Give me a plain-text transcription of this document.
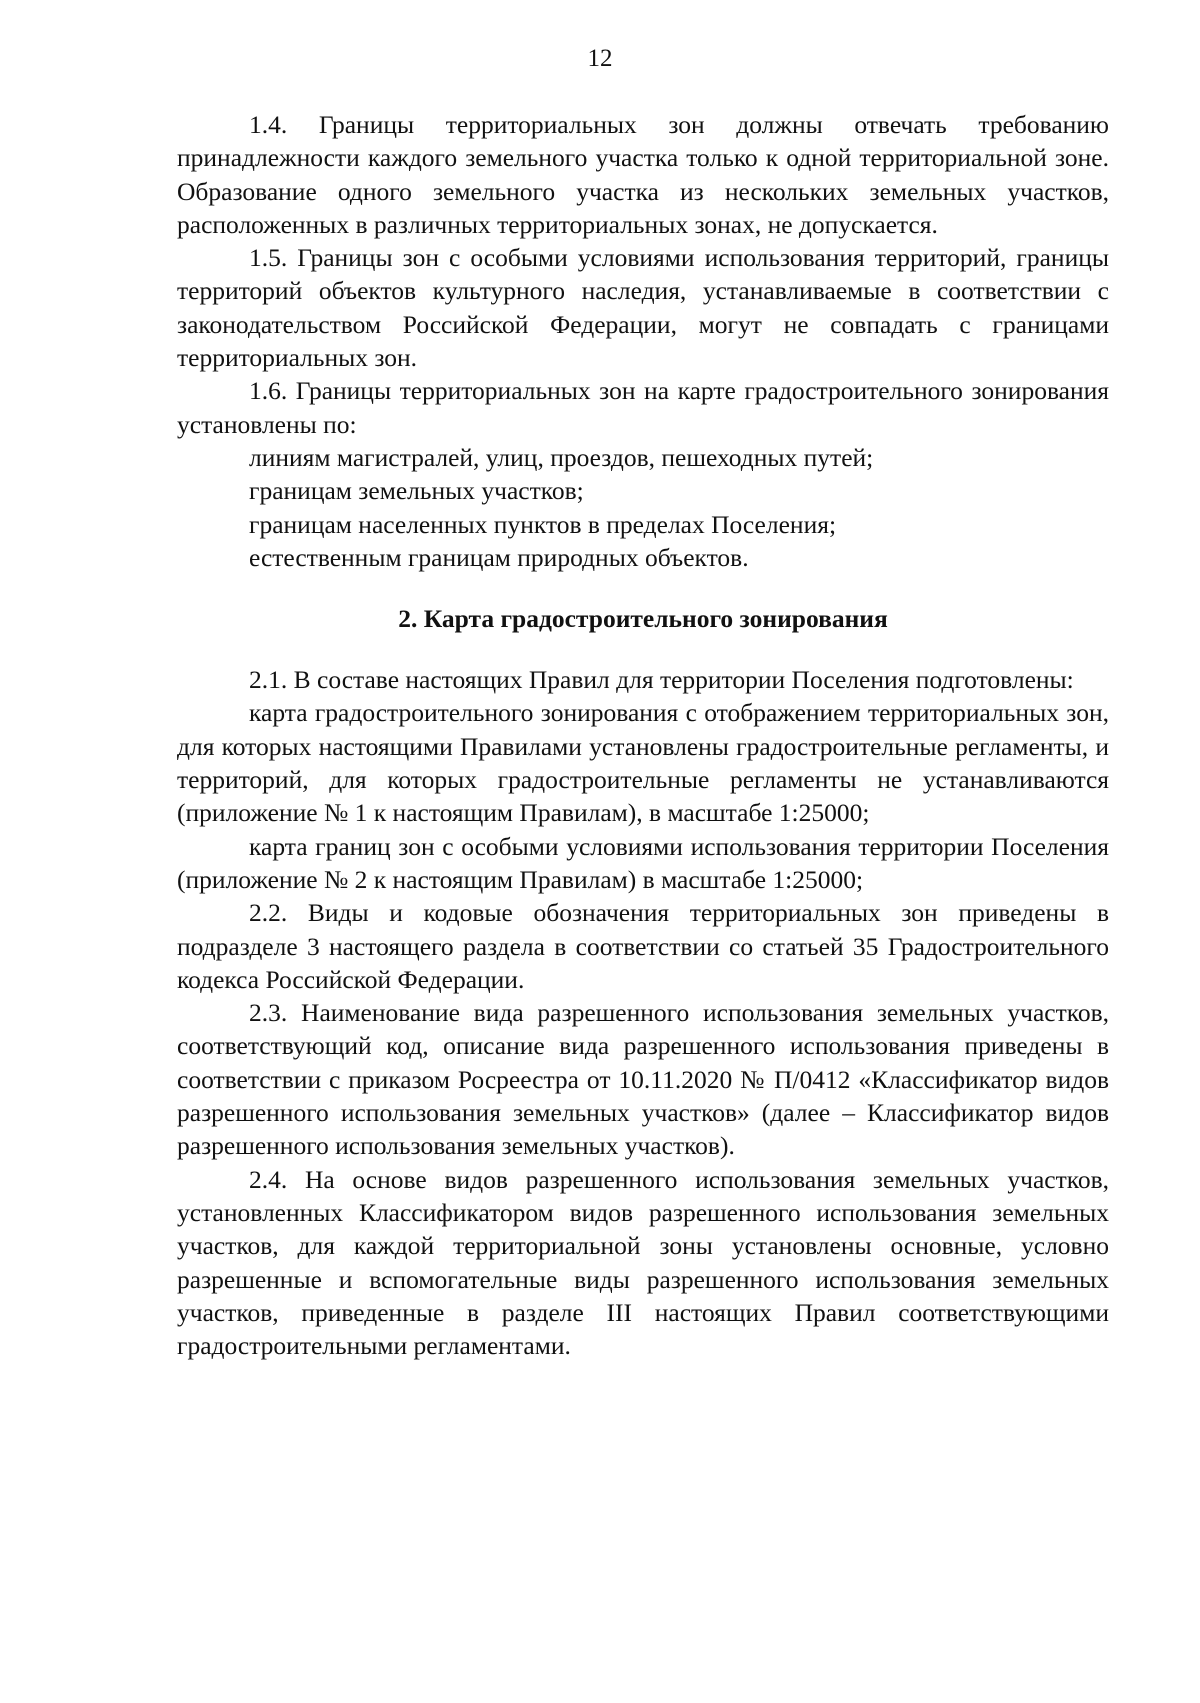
12

1.4. Границы территориальных зон должны отвечать требованию принадлежности каждого земельного участка только к одной территориальной зоне. Образование одного земельного участка из нескольких земельных участков, расположенных в различных территориальных зонах, не допускается.

1.5. Границы зон с особыми условиями использования территорий, границы территорий объектов культурного наследия, устанавливаемые в соответствии с законодательством Российской Федерации, могут не совпадать с границами территориальных зон.

1.6. Границы территориальных зон на карте градостроительного зонирования установлены по:

линиям магистралей, улиц, проездов, пешеходных путей;

границам земельных участков;

границам населенных пунктов в пределах Поселения;

естественным границам природных объектов.

2. Карта градостроительного зонирования

2.1. В составе настоящих Правил для территории Поселения подготовлены:

карта градостроительного зонирования с отображением территориальных зон, для которых настоящими Правилами установлены градостроительные регламенты, и территорий, для которых градостроительные регламенты не устанавливаются (приложение № 1 к настоящим Правилам), в масштабе 1:25000;

карта границ зон с особыми условиями использования территории Поселения (приложение № 2 к настоящим Правилам) в масштабе 1:25000;

2.2. Виды и кодовые обозначения территориальных зон приведены в подразделе 3 настоящего раздела в соответствии со статьей 35 Градостроительного кодекса Российской Федерации.

2.3. Наименование вида разрешенного использования земельных участков, соответствующий код, описание вида разрешенного использования приведены в соответствии с приказом Росреестра от 10.11.2020 № П/0412 «Классификатор видов разрешенного использования земельных участков» (далее – Классификатор видов разрешенного использования земельных участков).

2.4. На основе видов разрешенного использования земельных участков, установленных Классификатором видов разрешенного использования земельных участков, для каждой территориальной зоны установлены основные, условно разрешенные и вспомогательные виды разрешенного использования земельных участков, приведенные в разделе III настоящих Правил соответствующими градостроительными регламентами.
